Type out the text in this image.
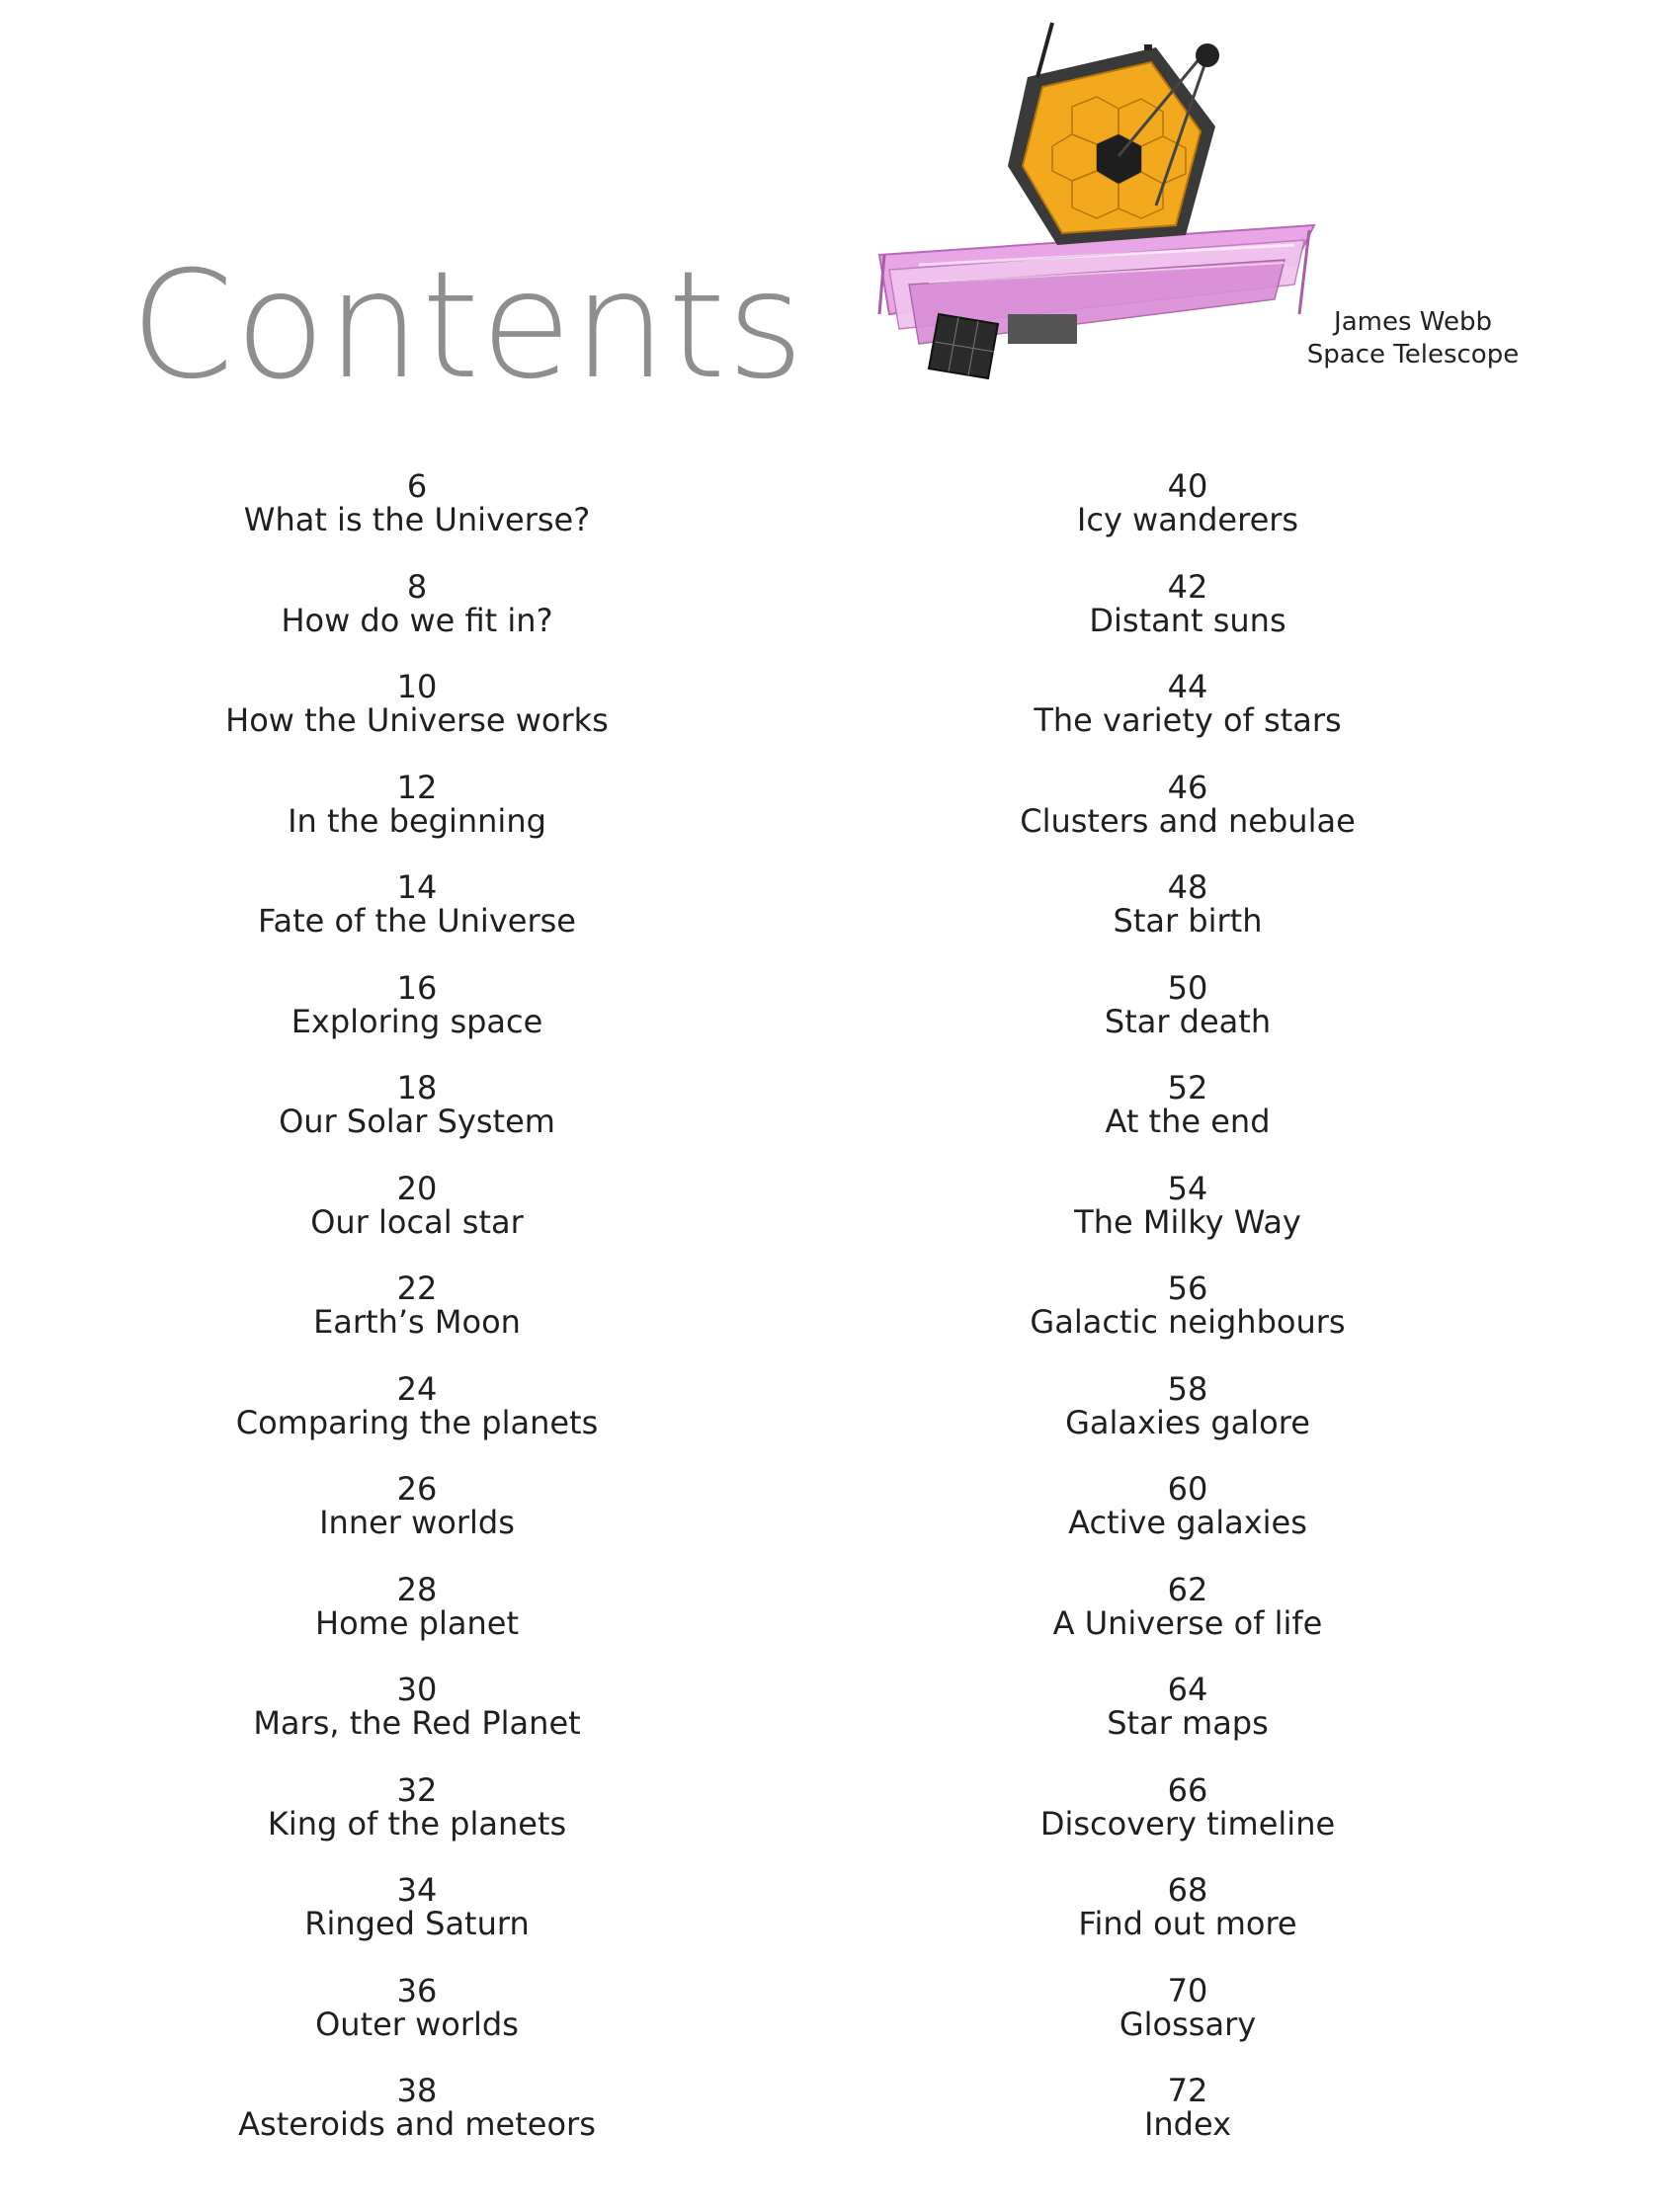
Contents	James Webb
Space Telescope
6
What is the Universe?
8
How do we fit in?
10
How the Universe works
12
In the beginning
14
Fate of the Universe
16
Exploring space
18
Our Solar System
20
Our local star
22
Earth’s Moon
24
Comparing the planets
26
Inner worlds
28
Home planet
30
Mars, the Red Planet
32
King of the planets
34
Ringed Saturn
36
Outer worlds
38
Asteroids and meteors
40
Icy wanderers
42
Distant suns
44
The variety of stars
46
Clusters and nebulae
48
Star birth
50
Star death
52
At the end
54
The Milky Way
56
Galactic neighbours
58
Galaxies galore
60
Active galaxies
62
A Universe of life
64
Star maps
66
Discovery timeline
68
Find out more
70
Glossary
72
Index
